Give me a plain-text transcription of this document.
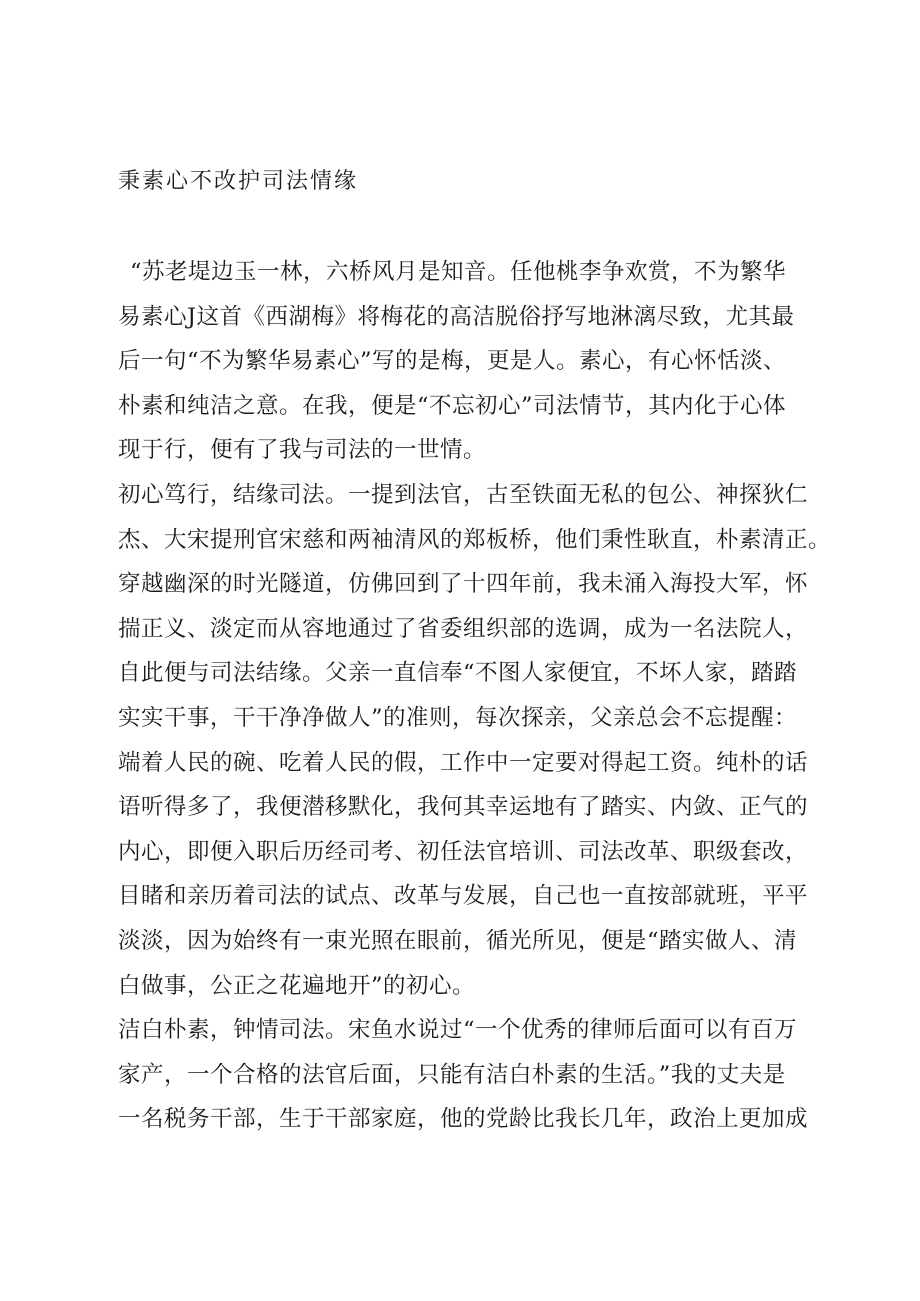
秉素心不改护司法情缘
“苏老堤边玉一林，六桥风月是知音。任他桃李争欢赏，不为繁华
易素心J这首《西湖梅》将梅花的高洁脱俗抒写地淋漓尽致，尤其最
后一句“不为繁华易素心”写的是梅，更是人。素心，有心怀恬淡、
朴素和纯洁之意。在我，便是“不忘初心”司法情节，其内化于心体
现于行，便有了我与司法的一世情。
初心笃行，结缘司法。一提到法官，古至铁面无私的包公、神探狄仁
杰、大宋提刑官宋慈和两袖清风的郑板桥，他们秉性耿直，朴素清正。
穿越幽深的时光隧道，仿佛回到了十四年前，我未涌入海投大军，怀
揣正义、淡定而从容地通过了省委组织部的选调，成为一名法院人，
自此便与司法结缘。父亲一直信奉“不图人家便宜，不坏人家，踏踏
实实干事，干干净净做人”的准则，每次探亲，父亲总会不忘提醒：
端着人民的碗、吃着人民的假，工作中一定要对得起工资。纯朴的话
语听得多了，我便潜移默化，我何其幸运地有了踏实、内敛、正气的
内心，即便入职后历经司考、初任法官培训、司法改革、职级套改，
目睹和亲历着司法的试点、改革与发展，自己也一直按部就班，平平
淡淡，因为始终有一束光照在眼前，循光所见，便是“踏实做人、清
白做事，公正之花遍地开”的初心。
洁白朴素，钟情司法。宋鱼水说过“一个优秀的律师后面可以有百万
家产，一个合格的法官后面，只能有洁白朴素的生活。”我的丈夫是
一名税务干部，生于干部家庭，他的党龄比我长几年，政治上更加成
